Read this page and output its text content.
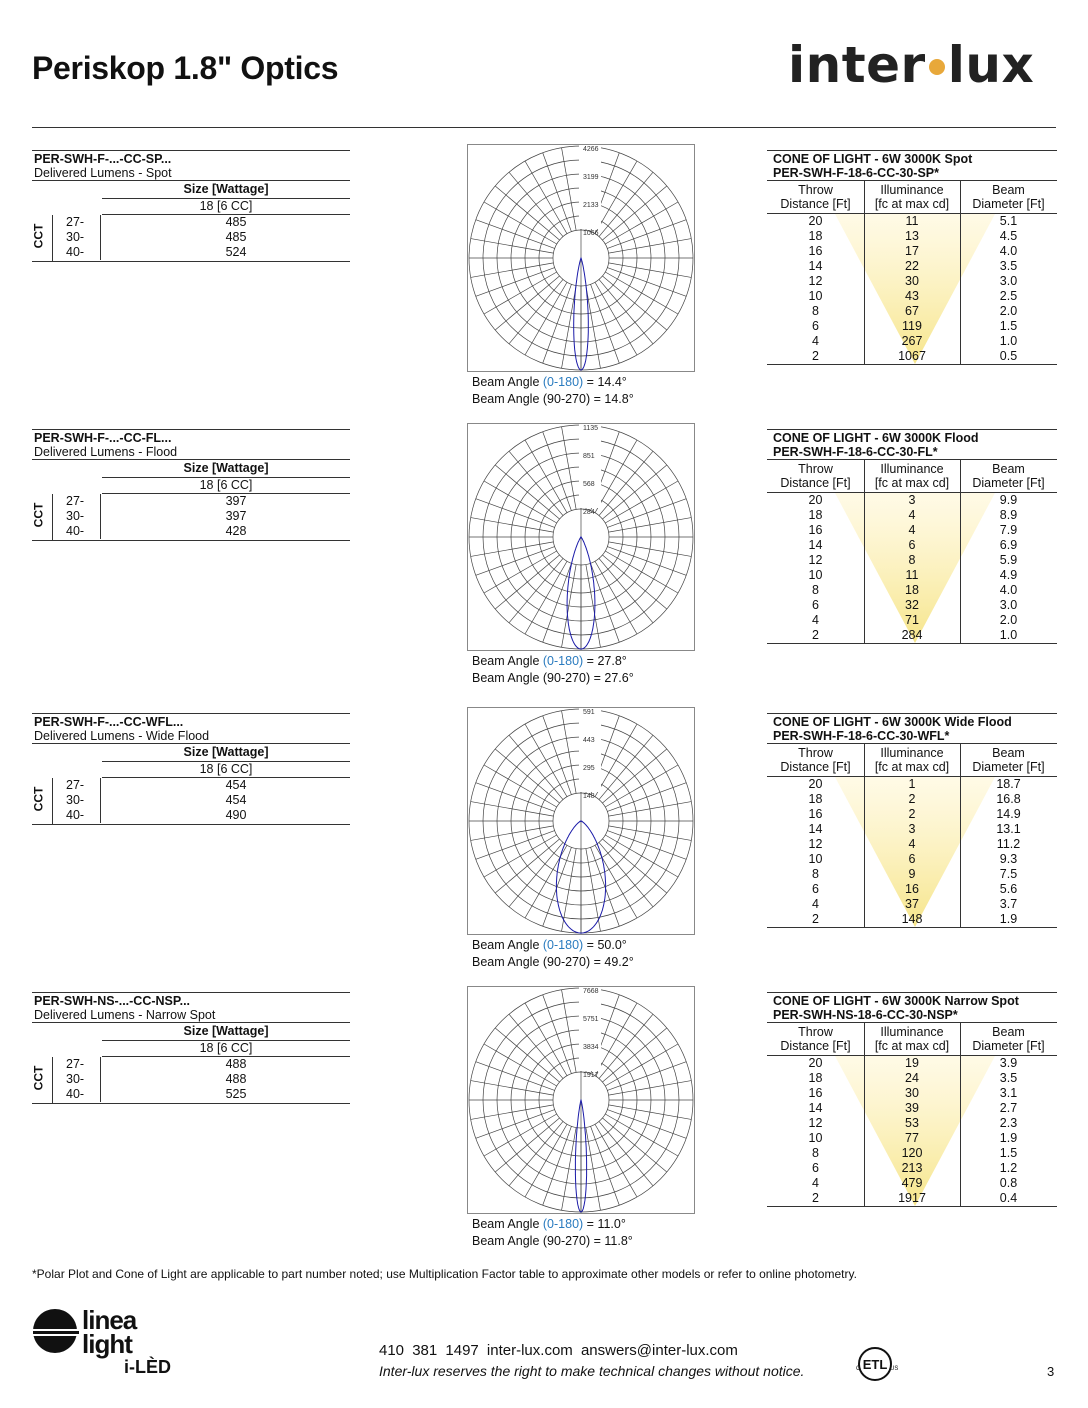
Periskop 1.8" Optics	inter lux
PER-SWH-F-...-CC-SP...
Delivered Lumens - Spot
Size [Wattage]
18 [6 CC]
CCT
27-	485
30-	485
40-	524
4266
3199
2133
1066
Beam Angle (0-180) = 14.4°
Beam Angle (90-270) = 14.8°
CONE OF LIGHT - 6W 3000K Spot
PER-SWH-F-18-6-CC-30-SP*
Throw
Distance [Ft]
Illuminance
[fc at max cd]
Beam
Diameter [Ft]
20	11	5.1
18	13	4.5
16	17	4.0
14	22	3.5
12	30	3.0
10	43	2.5
8	67	2.0
6	119	1.5
4	267	1.0
2	1067	0.5
PER-SWH-F-...-CC-FL...
Delivered Lumens - Flood
Size [Wattage]
18 [6 CC]
CCT
27-	397
30-	397
40-	428
1135
851
568
284
Beam Angle (0-180) = 27.8°
Beam Angle (90-270) = 27.6°
CONE OF LIGHT - 6W 3000K Flood
PER-SWH-F-18-6-CC-30-FL*
Throw
Distance [Ft]
Illuminance
[fc at max cd]
Beam
Diameter [Ft]
20	3	9.9
18	4	8.9
16	4	7.9
14	6	6.9
12	8	5.9
10	11	4.9
8	18	4.0
6	32	3.0
4	71	2.0
2	284	1.0
PER-SWH-F-...-CC-WFL...
Delivered Lumens - Wide Flood
Size [Wattage]
18 [6 CC]
CCT
27-	454
30-	454
40-	490
591
443
295
148
Beam Angle (0-180) = 50.0°
Beam Angle (90-270) = 49.2°
CONE OF LIGHT - 6W 3000K Wide Flood
PER-SWH-F-18-6-CC-30-WFL*
Throw
Distance [Ft]
Illuminance
[fc at max cd]
Beam
Diameter [Ft]
20	1	18.7
18	2	16.8
16	2	14.9
14	3	13.1
12	4	11.2
10	6	9.3
8	9	7.5
6	16	5.6
4	37	3.7
2	148	1.9
PER-SWH-NS-...-CC-NSP...
Delivered Lumens - Narrow Spot
Size [Wattage]
18 [6 CC]
CCT
27-	488
30-	488
40-	525
7668
5751
3834
1917
Beam Angle (0-180) = 11.0°
Beam Angle (90-270) = 11.8°
CONE OF LIGHT - 6W 3000K Narrow Spot
PER-SWH-NS-18-6-CC-30-NSP*
Throw
Distance [Ft]
Illuminance
[fc at max cd]
Beam
Diameter [Ft]
20	19	3.9
18	24	3.5
16	30	3.1
14	39	2.7
12	53	2.3
10	77	1.9
8	120	1.5
6	213	1.2
4	479	0.8
2	1917	0.4
*Polar Plot and Cone of Light are applicable to part number noted; use Multiplication Factor table to approximate other models or refer to online photometry.
linea
light
i-LÈD
410 381 1497 inter-lux.com answers@inter-lux.com
Inter-lux reserves the right to make technical changes without notice.	ETL
C	US	3
